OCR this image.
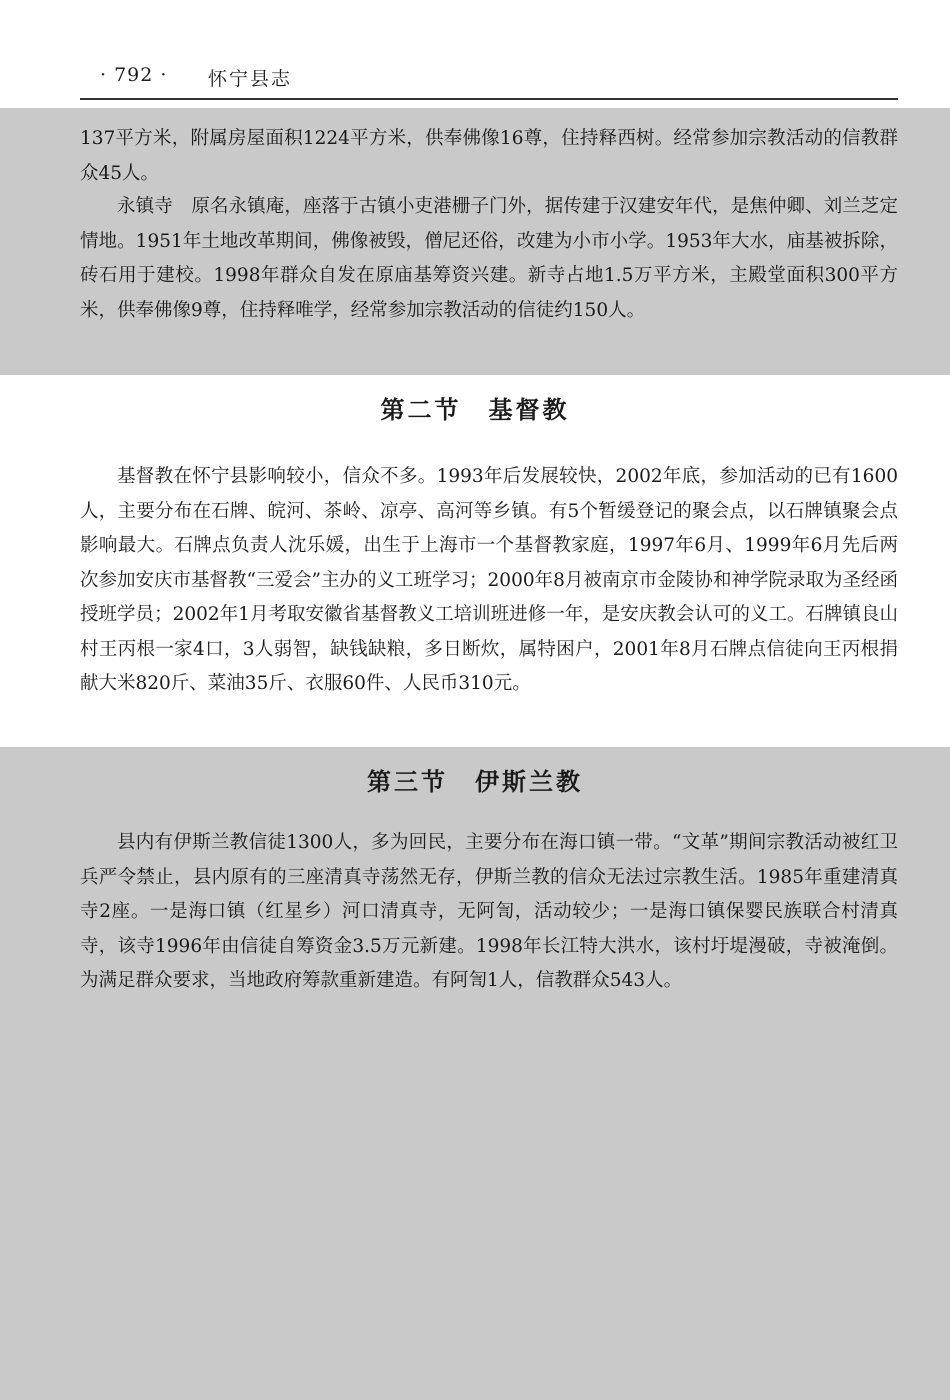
· 792 · 怀宁县志

137平方米，附属房屋面积1224平方米，供奉佛像16尊，住持释西树。经常参加宗教活动的信教群众45人。

永镇寺　原名永镇庵，座落于古镇小吏港栅子门外，据传建于汉建安年代，是焦仲卿、刘兰芝定情地。1951年土地改革期间，佛像被毁，僧尼还俗，改建为小市小学。1953年大水，庙基被拆除，砖石用于建校。1998年群众自发在原庙基筹资兴建。新寺占地1.5万平方米，主殿堂面积300平方米，供奉佛像9尊，住持释唯学，经常参加宗教活动的信徒约150人。

第二节　基督教

基督教在怀宁县影响较小，信众不多。1993年后发展较快，2002年底，参加活动的已有1600人，主要分布在石牌、皖河、茶岭、凉亭、高河等乡镇。有5个暂缓登记的聚会点，以石牌镇聚会点影响最大。石牌点负责人沈乐媛，出生于上海市一个基督教家庭，1997年6月、1999年6月先后两次参加安庆市基督教“三爱会”主办的义工班学习；2000年8月被南京市金陵协和神学院录取为圣经函授班学员；2002年1月考取安徽省基督教义工培训班进修一年，是安庆教会认可的义工。石牌镇良山村王丙根一家4口，3人弱智，缺钱缺粮，多日断炊，属特困户，2001年8月石牌点信徒向王丙根捐献大米820斤、菜油35斤、衣服60件、人民币310元。

第三节　伊斯兰教

县内有伊斯兰教信徒1300人，多为回民，主要分布在海口镇一带。“文革”期间宗教活动被红卫兵严令禁止，县内原有的三座清真寺荡然无存，伊斯兰教的信众无法过宗教生活。1985年重建清真寺2座。一是海口镇（红星乡）河口清真寺，无阿訇，活动较少；一是海口镇保婴民族联合村清真寺，该寺1996年由信徒自筹资金3.5万元新建。1998年长江特大洪水，该村圩堤漫破，寺被淹倒。为满足群众要求，当地政府筹款重新建造。有阿訇1人，信教群众543人。
